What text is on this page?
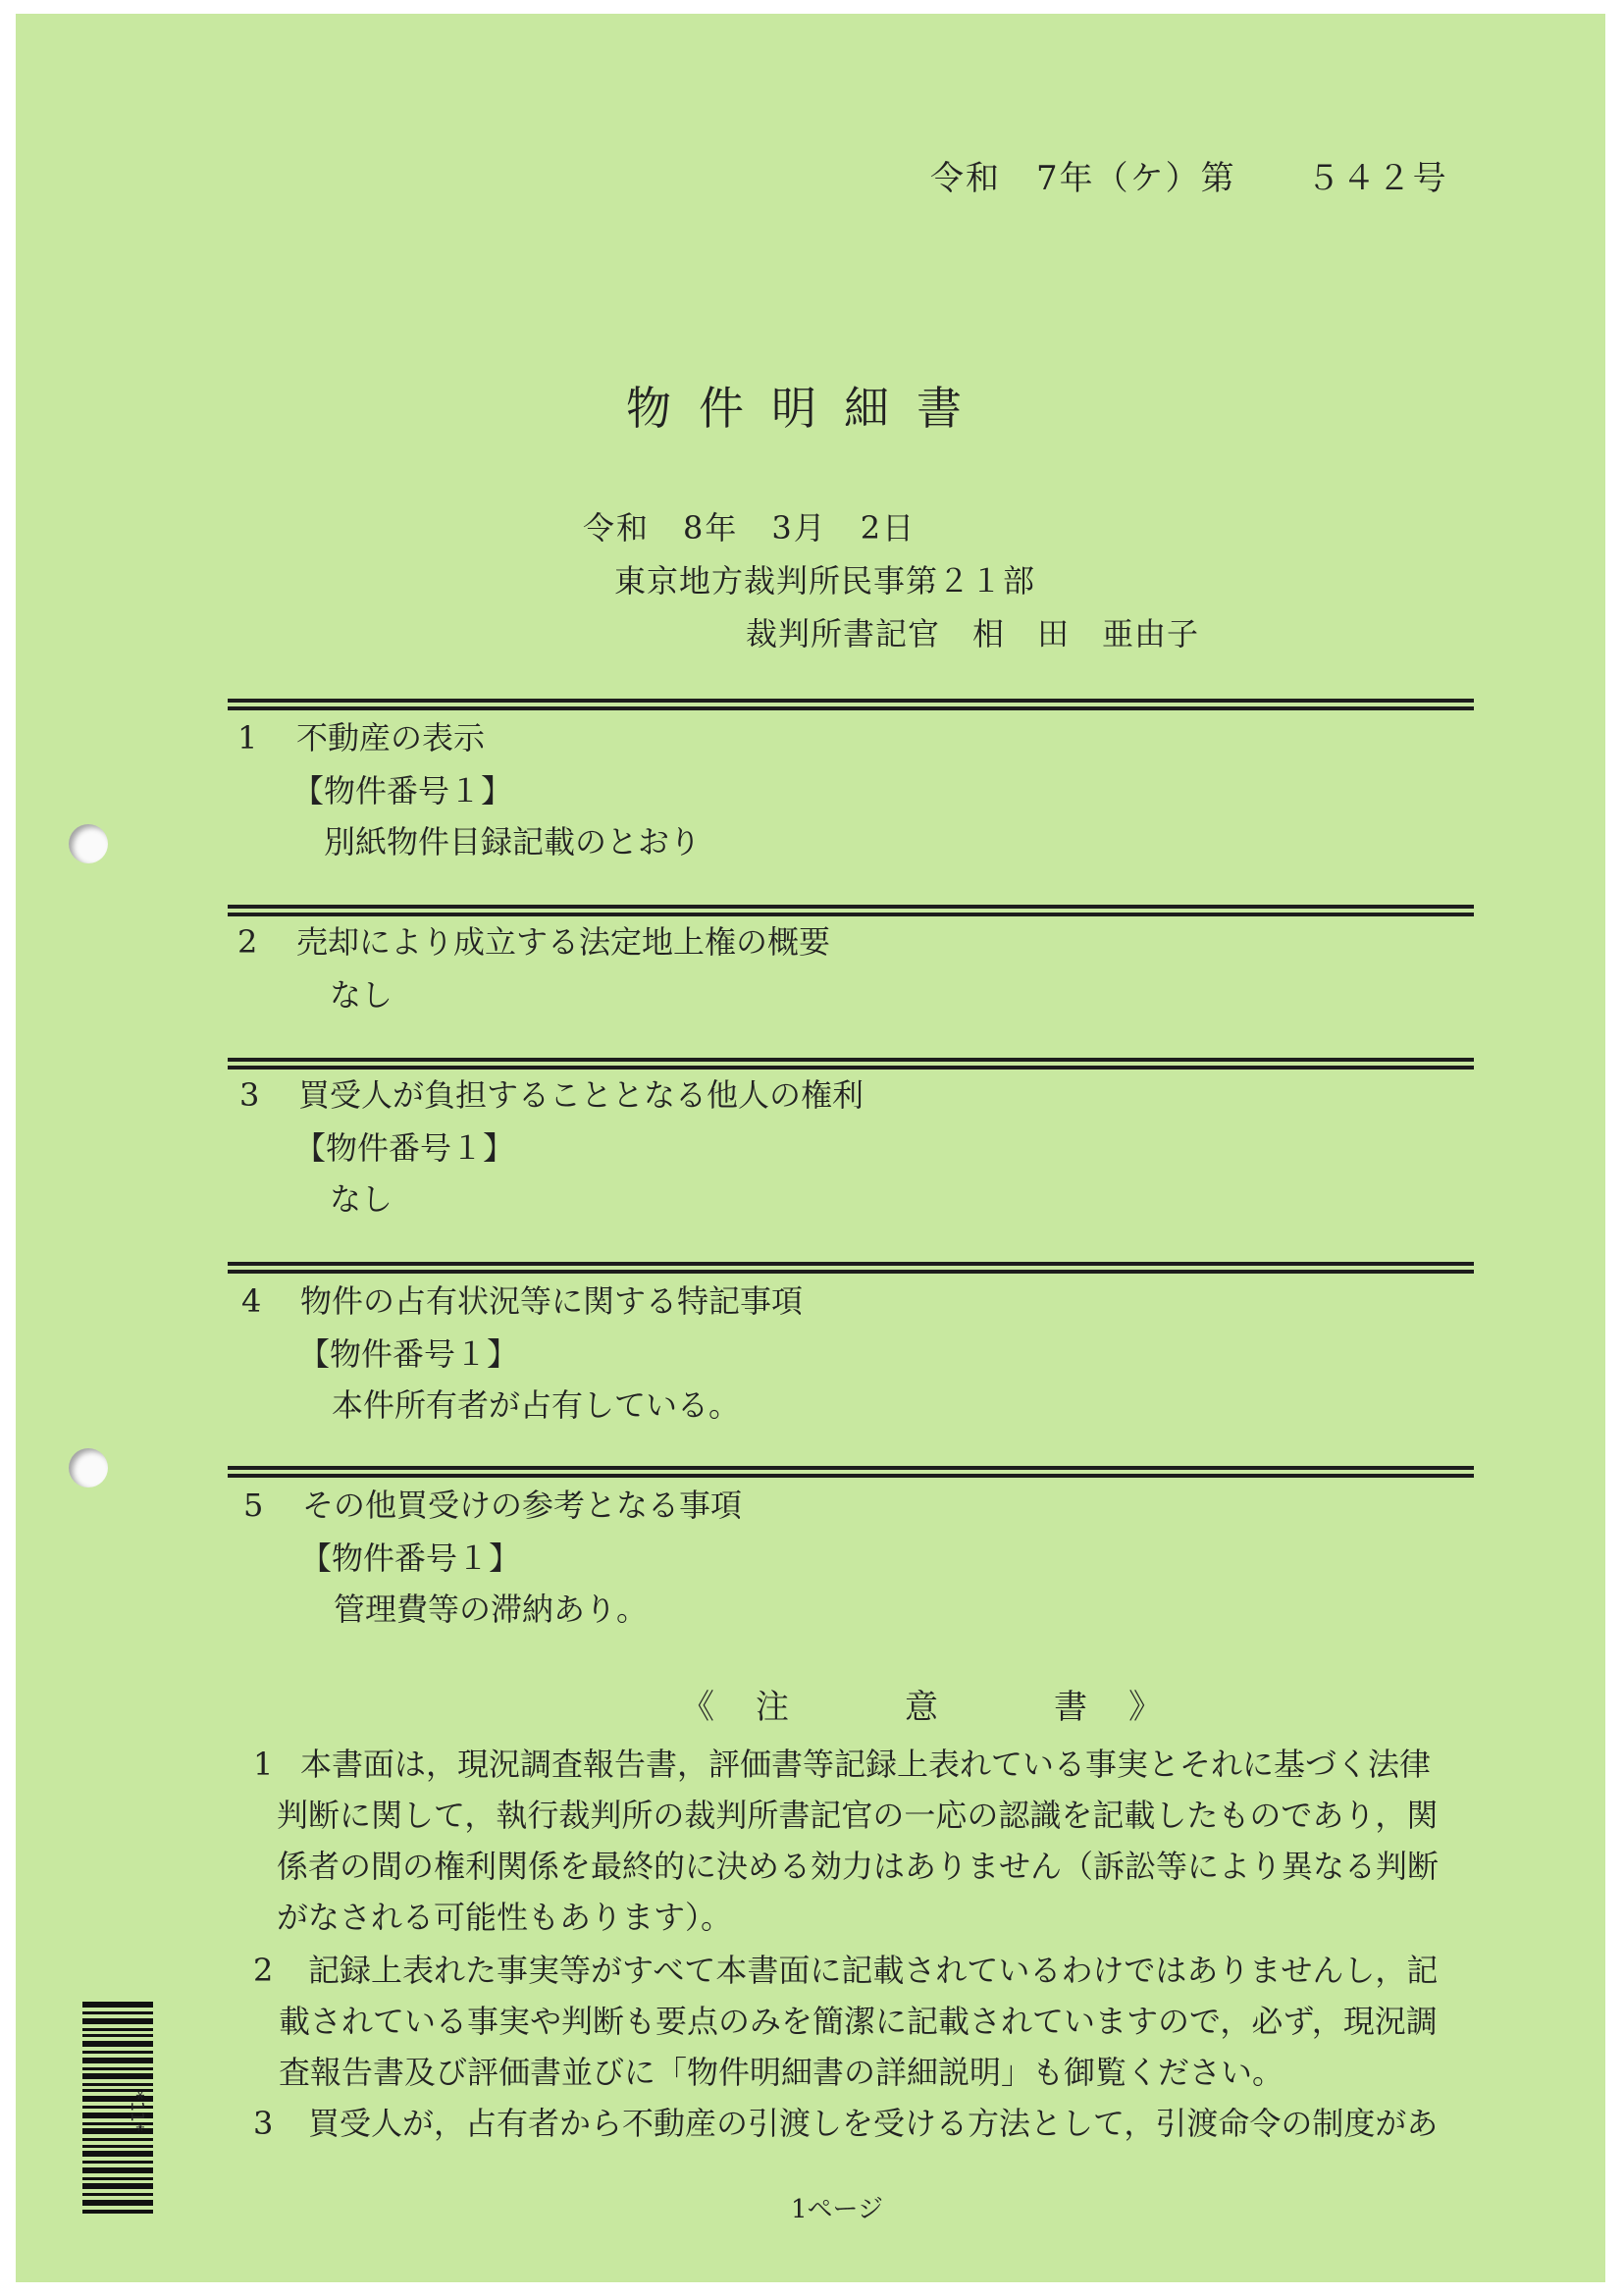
令和　7年（ケ）第　　５４２号
物件明細書
令和　8年　3月　2日
東京地方裁判所民事第２１部
裁判所書記官　相　田　亜由子
1 不動産の表示
【物件番号１】
　別紙物件目録記載のとおり
2 売却により成立する法定地上権の概要
　なし
3 買受人が負担することとなる他人の権利
【物件番号１】
　なし
4 物件の占有状況等に関する特記事項
【物件番号１】
　本件所有者が占有している。
5 その他買受けの参考となる事項
【物件番号１】
　管理費等の滞納あり。
《　注　　　意　　　書　》
1 本書面は，現況調査報告書，評価書等記録上表れている事実とそれに基づく法律
判断に関して，執行裁判所の裁判所書記官の一応の認識を記載したものであり，関
係者の間の権利関係を最終的に決める効力はありません（訴訟等により異なる判断
がなされる可能性もあります）。
2 記録上表れた事実等がすべて本書面に記載されているわけではありませんし，記
載されている事実や判断も要点のみを簡潔に記載されていますので，必ず，現況調
査報告書及び評価書並びに「物件明細書の詳細説明」も御覧ください。
3 買受人が，占有者から不動産の引渡しを受ける方法として，引渡命令の制度があ
*11*
1ページ
